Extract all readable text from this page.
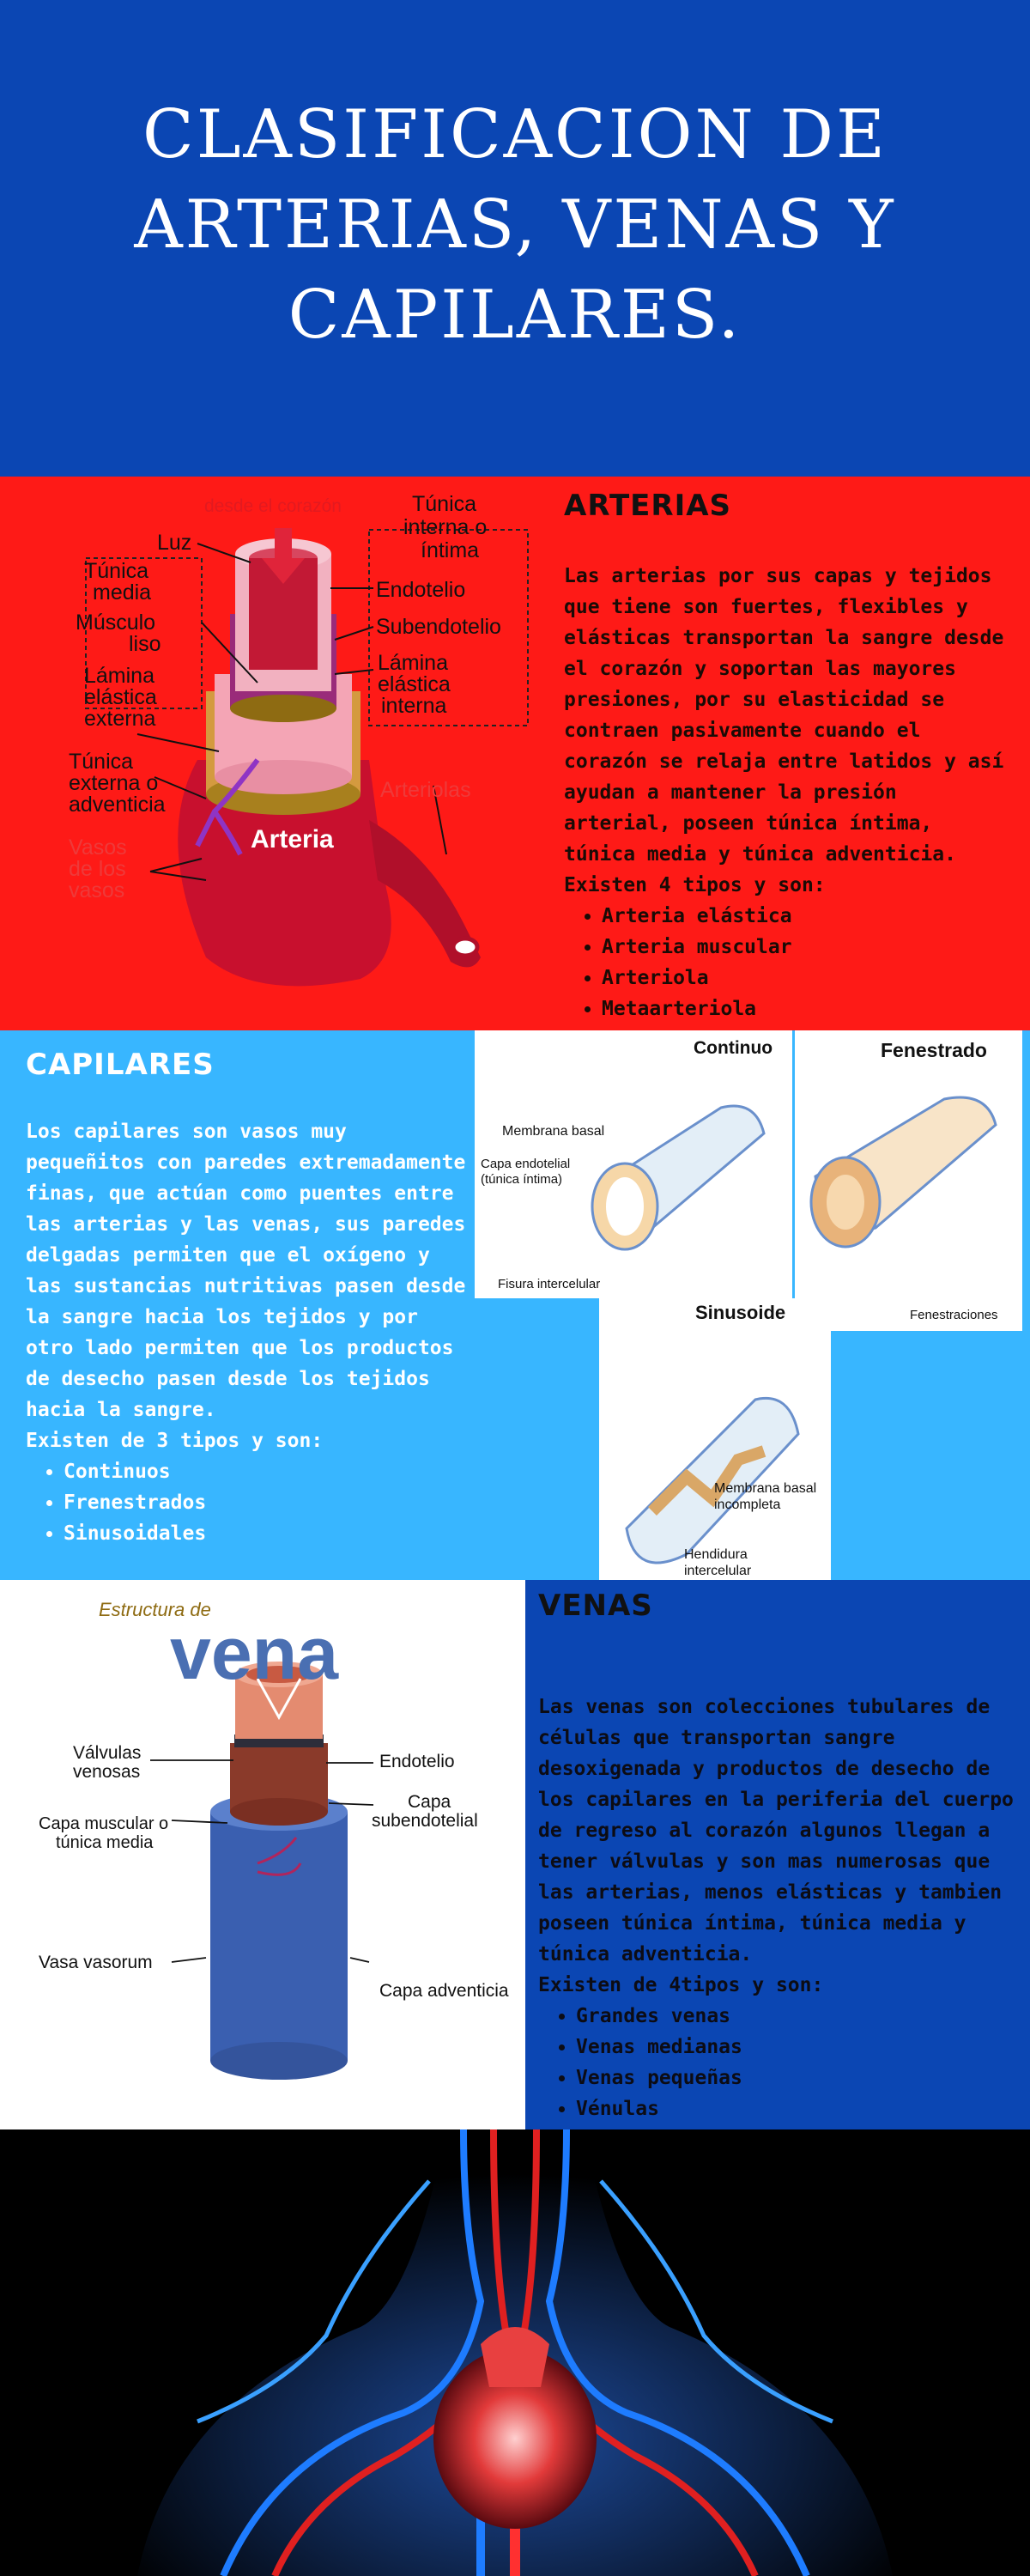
CLASIFICACION DE ARTERIAS, VENAS Y CAPILARES.
desde el corazón
Luz
Túnica interna o íntima
Túnica media
Músculo liso
Lámina elástica externa
Túnica externa o adventicia
Vasos de los vasos
Endotelio
Subendotelio
Lámina elástica interna
Arteriolas
Arteria
ARTERIAS

Las arterias por sus capas y tejidos que tiene son fuertes, flexibles y elásticas transportan la sangre desde el corazón y soportan las mayores presiones, por su elasticidad se contraen pasivamente cuando el corazón se relaja entre latidos y así ayudan a mantener la presión arterial, poseen túnica íntima, túnica media y túnica adventicia.

Existen 4 tipos y son:

• Arteria elástica
• Arteria muscular
• Arteriola
• Metaarteriola
Continuo	Fenestrado
Sinusoide
Membrana basal
Capa endotelial (túnica íntima)
Fisura intercelular
Fenestraciones
Membrana basal incompleta
Hendidura intercelular
CAPILARES

Los capilares son vasos muy pequeñitos con paredes extremadamente finas, que actúan como puentes entre las arterias y las venas, sus paredes delgadas permiten que el oxígeno y las sustancias nutritivas pasen desde la sangre hacia los tejidos y por otro lado permiten que los productos de desecho pasen desde los tejidos hacia la sangre.

Existen de 3 tipos y son:

• Continuos
• Frenestrados
• Sinusoidales
Estructura de
vena
Válvulas venosas
Endotelio
Capa muscular o túnica media
Capa subendotelial
Vasa vasorum
Capa adventicia
VENAS

Las venas son colecciones tubulares de células que transportan sangre desoxigenada y productos de desecho de los capilares en la periferia del cuerpo de regreso al corazón algunos llegan a tener válvulas y son mas numerosas que las arterias, menos elásticas y tambien poseen túnica íntima, túnica media y túnica adventicia.

Existen de 4tipos y son:

• Grandes venas
• Venas medianas
• Venas pequeñas
• Vénulas
